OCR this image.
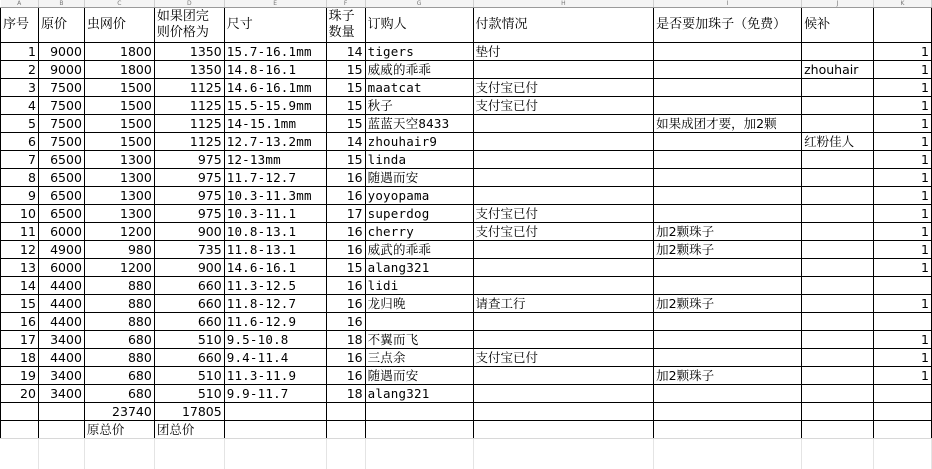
A	B	C	D	E	F	G	H	I	J	K
序号	原价	虫网价	如果团完则价格为	尺寸	珠子数量	订购人	付款情况	是否要加珠子（免费）	候补	
1	9000	1800	1350	15.7-16.1mm	14	tigers	垫付			1
2	9000	1800	1350	14.8-16.1	15	威威的乖乖			zhouhair	1
3	7500	1500	1125	14.6-16.1mm	15	maatcat	支付宝已付			1
4	7500	1500	1125	15.5-15.9mm	15	秋子	支付宝已付			1
5	7500	1500	1125	14-15.1mm	15	蓝蓝天空8433		如果成团才要，加2颗		1
6	7500	1500	1125	12.7-13.2mm	14	zhouhair9			红粉佳人	1
7	6500	1300	975	12-13mm	15	linda				1
8	6500	1300	975	11.7-12.7	16	随遇而安				1
9	6500	1300	975	10.3-11.3mm	16	yoyopama				1
10	6500	1300	975	10.3-11.1	17	superdog	支付宝已付			1
11	6000	1200	900	10.8-13.1	16	cherry	支付宝已付	加2颗珠子		1
12	4900	980	735	11.8-13.1	16	威武的乖乖		加2颗珠子		1
13	6000	1200	900	14.6-16.1	15	alang321				1
14	4400	880	660	11.3-12.5	16	lidi				
15	4400	880	660	11.8-12.7	16	龙归晚	请查工行	加2颗珠子		1
16	4400	880	660	11.6-12.9	16					
17	3400	680	510	9.5-10.8	18	不翼而飞				1
18	4400	880	660	9.4-11.4	16	三点余	支付宝已付			1
19	3400	680	510	11.3-11.9	16	随遇而安		加2颗珠子		1
20	3400	680	510	9.9-11.7	18	alang321				
		23740	17805							
		原总价	团总价							
